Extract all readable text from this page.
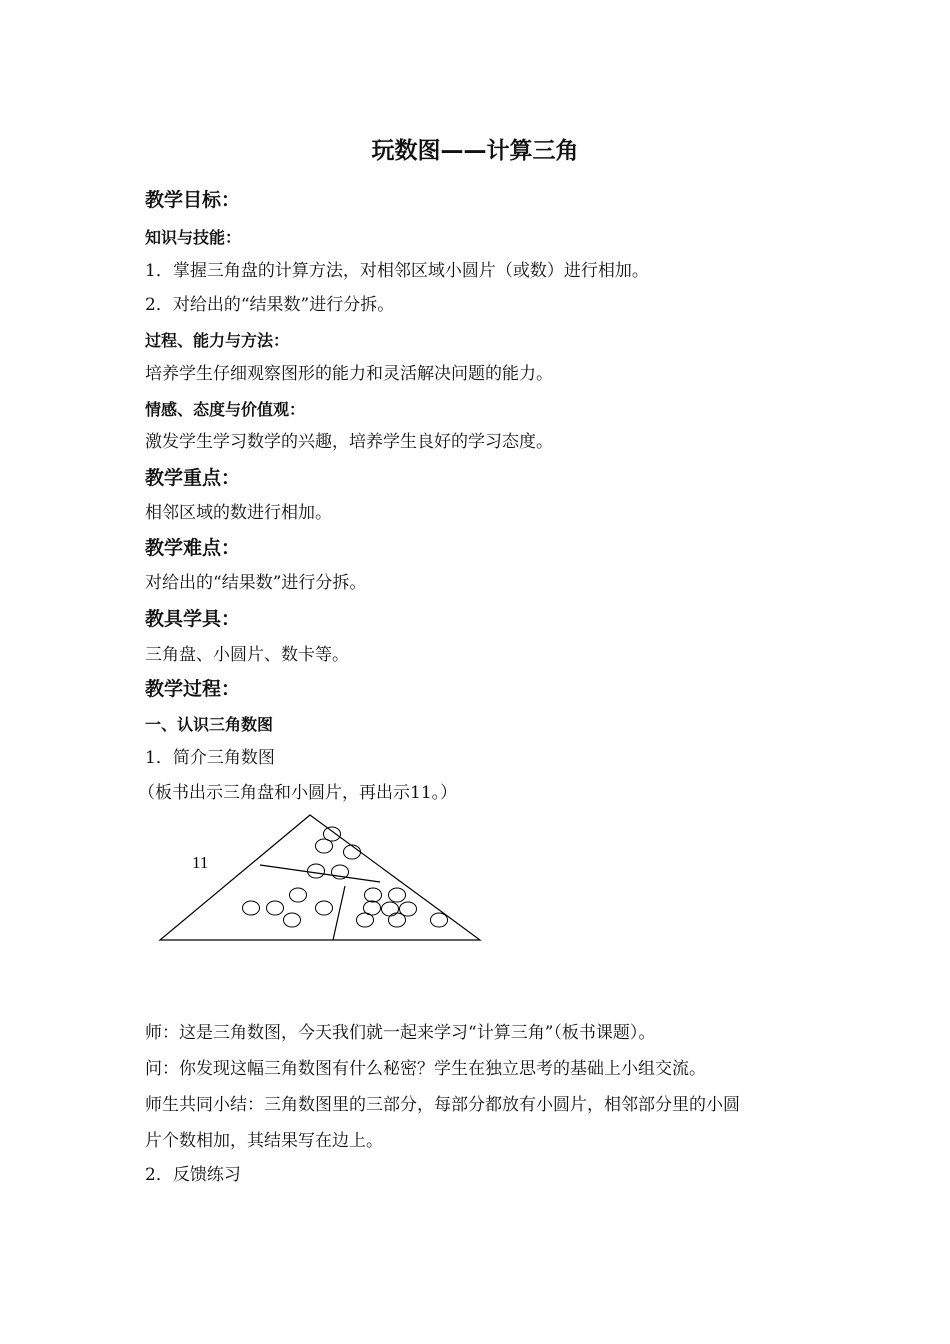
玩数图——计算三角
教学目标：
知识与技能：
1．掌握三角盘的计算方法，对相邻区域小圆片（或数）进行相加。
2．对给出的“结果数”进行分拆。
过程、能力与方法：
培养学生仔细观察图形的能力和灵活解决问题的能力。
情感、态度与价值观：
激发学生学习数学的兴趣，培养学生良好的学习态度。
教学重点：
相邻区域的数进行相加。
教学难点：
对给出的“结果数”进行分拆。
教具学具：
三角盘、小圆片、数卡等。
教学过程：
一、认识三角数图
1．简介三角数图
（板书出示三角盘和小圆片，再出示11。）
11
师：这是三角数图，今天我们就一起来学习“计算三角”（板书课题）。
问：你发现这幅三角数图有什么秘密？学生在独立思考的基础上小组交流。
师生共同小结：三角数图里的三部分，每部分都放有小圆片，相邻部分里的小圆
片个数相加，其结果写在边上。
2．反馈练习
